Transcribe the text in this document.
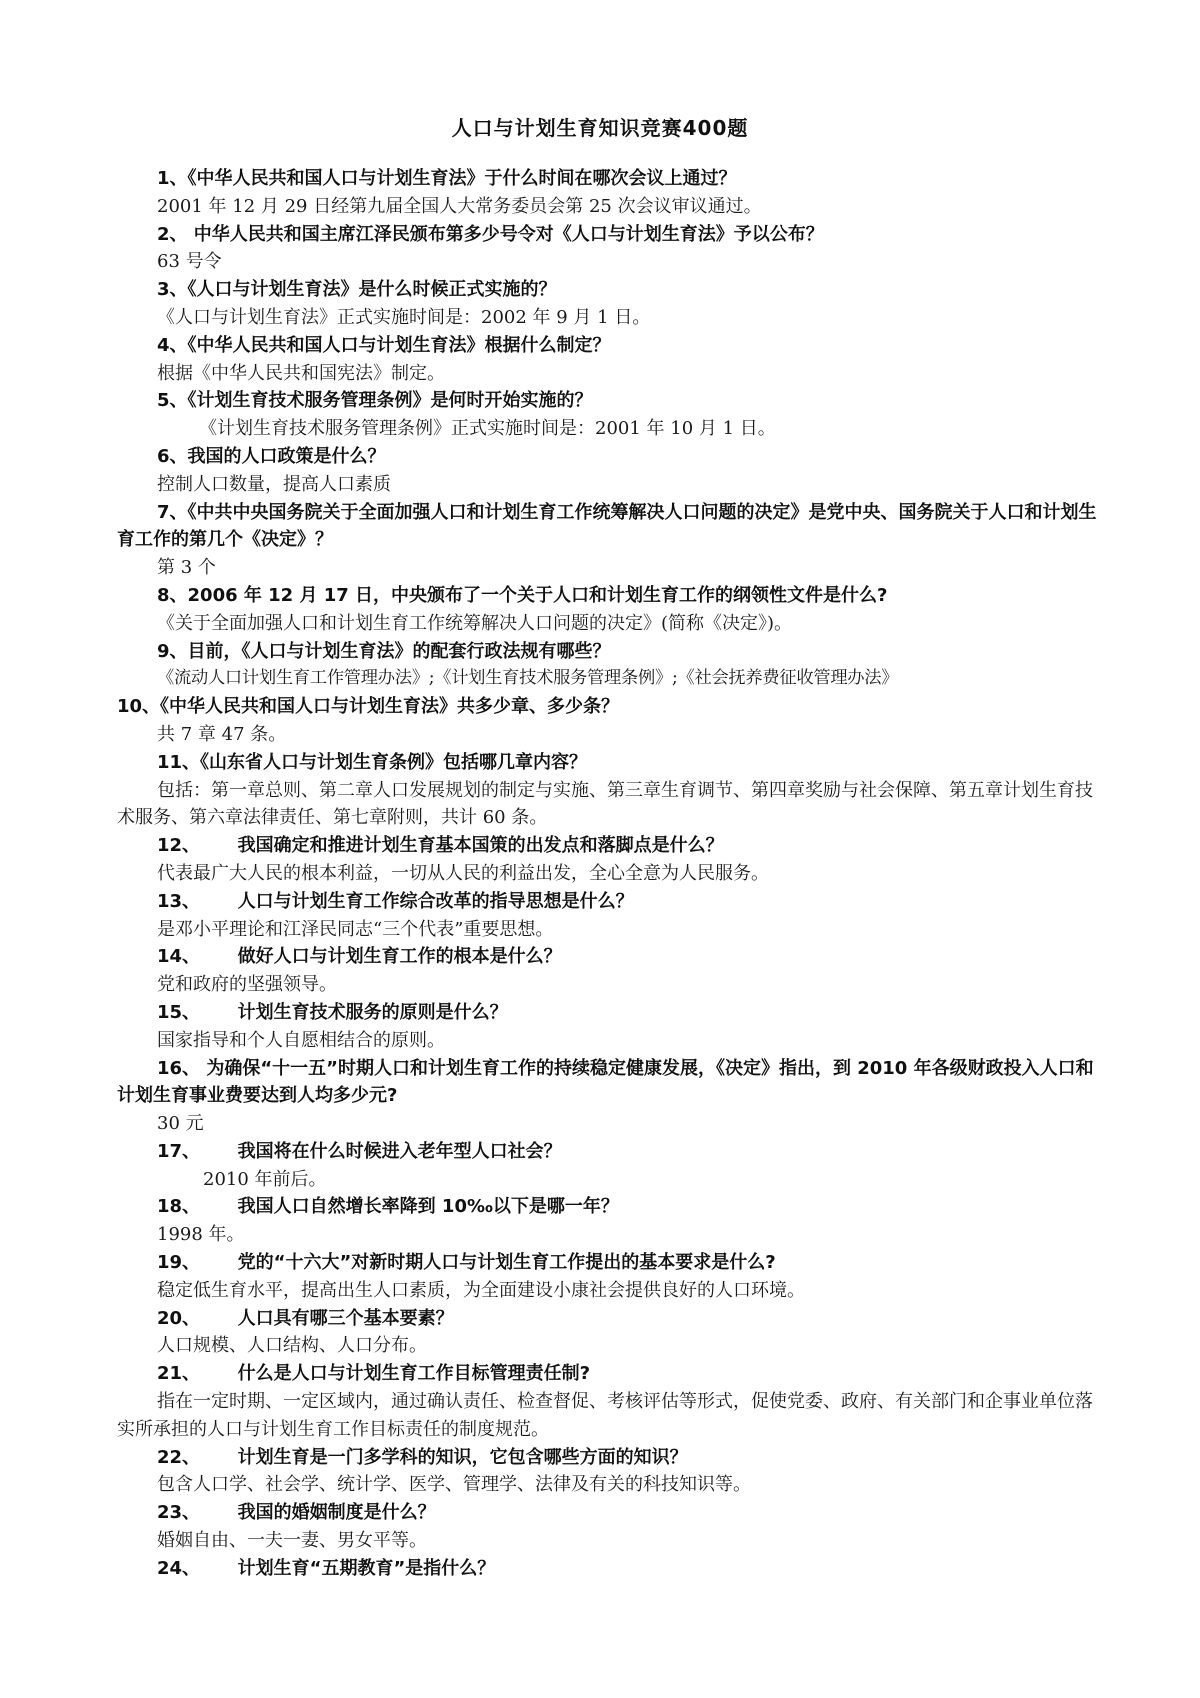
人口与计划生育知识竞赛400题
1、《中华人民共和国人口与计划生育法》于什么时间在哪次会议上通过？
2001 年 12 月 29 日经第九届全国人大常务委员会第 25 次会议审议通过。
2、 中华人民共和国主席江泽民颁布第多少号令对《人口与计划生育法》予以公布？
63 号令
3、《人口与计划生育法》是什么时候正式实施的？
《人口与计划生育法》正式实施时间是：2002 年 9 月 1 日。
4、《中华人民共和国人口与计划生育法》根据什么制定？
根据《中华人民共和国宪法》制定。
5、《计划生育技术服务管理条例》是何时开始实施的？
《计划生育技术服务管理条例》正式实施时间是：2001 年 10 月 1 日。
6、我国的人口政策是什么？
控制人口数量，提高人口素质
7、《中共中央国务院关于全面加强人口和计划生育工作统筹解决人口问题的决定》是党中央、国务院关于人口和计划生育工作的第几个《决定》？
第 3 个
8、2006 年 12 月 17 日，中央颁布了一个关于人口和计划生育工作的纲领性文件是什么?
《关于全面加强人口和计划生育工作统筹解决人口问题的决定》(简称《决定》)。
9、目前，《人口与计划生育法》的配套行政法规有哪些？
《流动人口计划生育工作管理办法》;《计划生育技术服务管理条例》;《社会抚养费征收管理办法》
10、《中华人民共和国人口与计划生育法》共多少章、多少条？
共 7 章 47 条。
11、《山东省人口与计划生育条例》包括哪几章内容？
包括：第一章总则、第二章人口发展规划的制定与实施、第三章生育调节、第四章奖励与社会保障、第五章计划生育技术服务、第六章法律责任、第七章附则，共计 60 条。
12、      我国确定和推进计划生育基本国策的出发点和落脚点是什么？
代表最广大人民的根本利益，一切从人民的利益出发，全心全意为人民服务。
13、      人口与计划生育工作综合改革的指导思想是什么？
是邓小平理论和江泽民同志“三个代表”重要思想。
14、      做好人口与计划生育工作的根本是什么？
党和政府的坚强领导。
15、      计划生育技术服务的原则是什么？
国家指导和个人自愿相结合的原则。
16、 为确保“十一五”时期人口和计划生育工作的持续稳定健康发展，《决定》指出，到 2010 年各级财政投入人口和计划生育事业费要达到人均多少元?
30 元
17、      我国将在什么时候进入老年型人口社会？
2010 年前后。
18、      我国人口自然增长率降到 10‰以下是哪一年？
1998 年。
19、      党的“十六大”对新时期人口与计划生育工作提出的基本要求是什么?
稳定低生育水平，提高出生人口素质，为全面建设小康社会提供良好的人口环境。
20、      人口具有哪三个基本要素？
人口规模、人口结构、人口分布。
21、      什么是人口与计划生育工作目标管理责任制?
指在一定时期、一定区域内，通过确认责任、检查督促、考核评估等形式，促使党委、政府、有关部门和企事业单位落实所承担的人口与计划生育工作目标责任的制度规范。
22、      计划生育是一门多学科的知识，它包含哪些方面的知识？
包含人口学、社会学、统计学、医学、管理学、法律及有关的科技知识等。
23、      我国的婚姻制度是什么？
婚姻自由、一夫一妻、男女平等。
24、      计划生育“五期教育”是指什么？
